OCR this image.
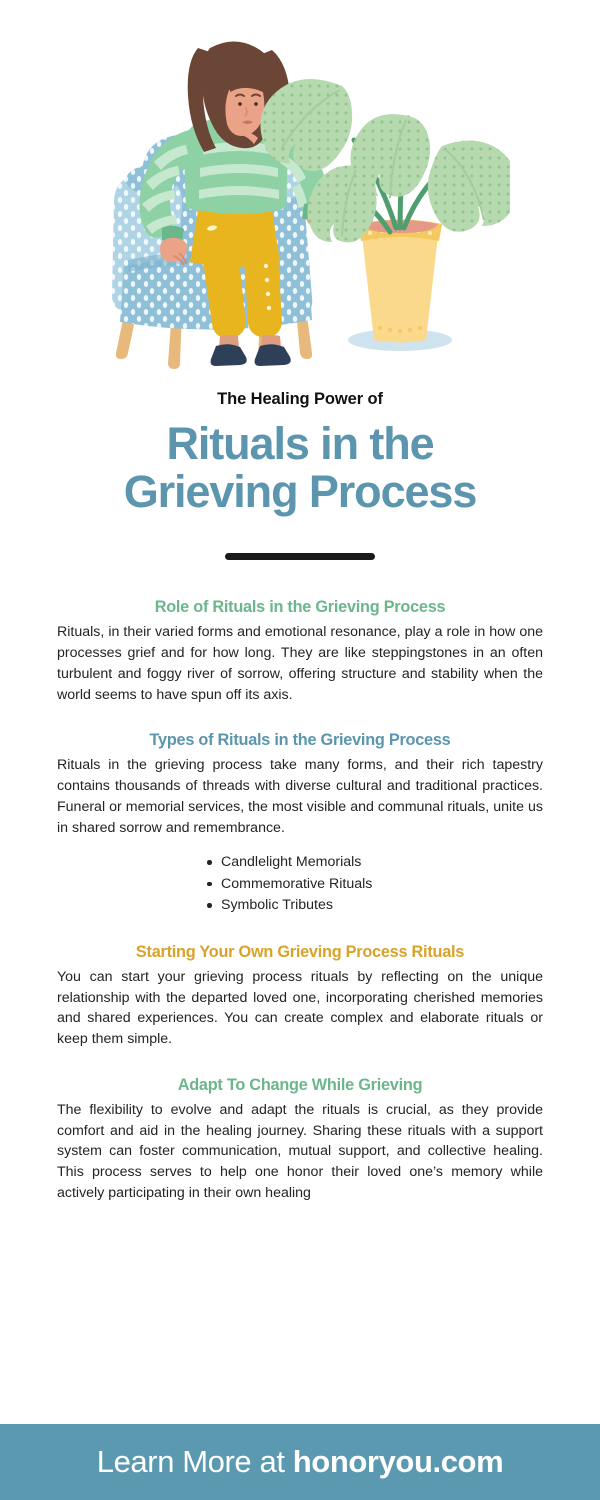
The Healing Power of
Rituals in the
Grieving Process
Role of Rituals in the Grieving Process

Rituals, in their varied forms and emotional resonance, play a role in how one processes grief and for how long. They are like steppingstones in an often turbulent and foggy river of sorrow, offering structure and stability when the world seems to have spun off its axis.

Types of Rituals in the Grieving Process

Rituals in the grieving process take many forms, and their rich tapestry contains thousands of threads with diverse cultural and traditional practices. Funeral or memorial services, the most visible and communal rituals, unite us in shared sorrow and remembrance.

Candlelight Memorials
Commemorative Rituals
Symbolic Tributes
Starting Your Own Grieving Process Rituals

You can start your grieving process rituals by reflecting on the unique relationship with the departed loved one, incorporating cherished memories and shared experiences. You can create complex and elaborate rituals or keep them simple.

Adapt To Change While Grieving

The flexibility to evolve and adapt the rituals is crucial, as they provide comfort and aid in the healing journey. Sharing these rituals with a support system can foster communication, mutual support, and collective healing. This process serves to help one honor their loved one’s memory while actively participating in their own healing

Learn More at honoryou.com
